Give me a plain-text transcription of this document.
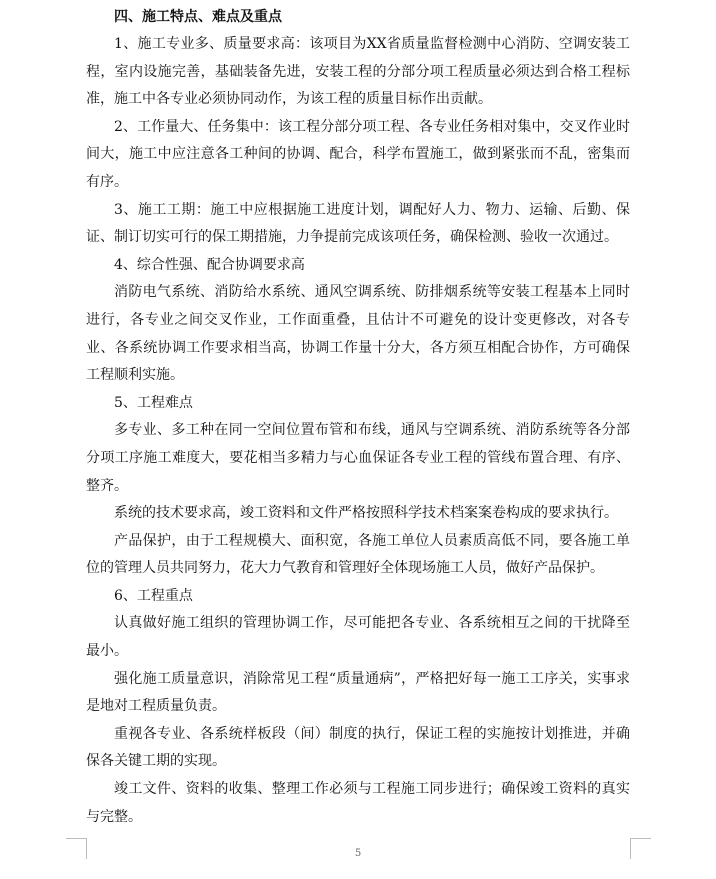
四、施工特点、难点及重点

1、施工专业多、质量要求高：该项目为XX省质量监督检测中心消防、空调安装工程，室内设施完善，基础装备先进，安装工程的分部分项工程质量必须达到合格工程标准，施工中各专业必须协同动作，为该工程的质量目标作出贡献。

2、工作量大、任务集中：该工程分部分项工程、各专业任务相对集中，交叉作业时间大，施工中应注意各工种间的协调、配合，科学布置施工，做到紧张而不乱，密集而有序。

3、施工工期：施工中应根据施工进度计划，调配好人力、物力、运输、后勤、保证、制订切实可行的保工期措施，力争提前完成该项任务，确保检测、验收一次通过。

4、综合性强、配合协调要求高

消防电气系统、消防给水系统、通风空调系统、防排烟系统等安装工程基本上同时进行，各专业之间交叉作业，工作面重叠，且估计不可避免的设计变更修改，对各专业、各系统协调工作要求相当高，协调工作量十分大，各方须互相配合协作，方可确保工程顺利实施。

5、工程难点

多专业、多工种在同一空间位置布管和布线，通风与空调系统、消防系统等各分部分项工序施工难度大，要花相当多精力与心血保证各专业工程的管线布置合理、有序、整齐。

系统的技术要求高，竣工资料和文件严格按照科学技术档案案卷构成的要求执行。

产品保护，由于工程规模大、面积宽，各施工单位人员素质高低不同，要各施工单位的管理人员共同努力，花大力气教育和管理好全体现场施工人员，做好产品保护。

6、工程重点

认真做好施工组织的管理协调工作，尽可能把各专业、各系统相互之间的干扰降至最小。

强化施工质量意识，消除常见工程“质量通病”，严格把好每一施工工序关，实事求是地对工程质量负责。

重视各专业、各系统样板段（间）制度的执行，保证工程的实施按计划推进，并确保各关键工期的实现。

竣工文件、资料的收集、整理工作必须与工程施工同步进行；确保竣工资料的真实与完整。

5
